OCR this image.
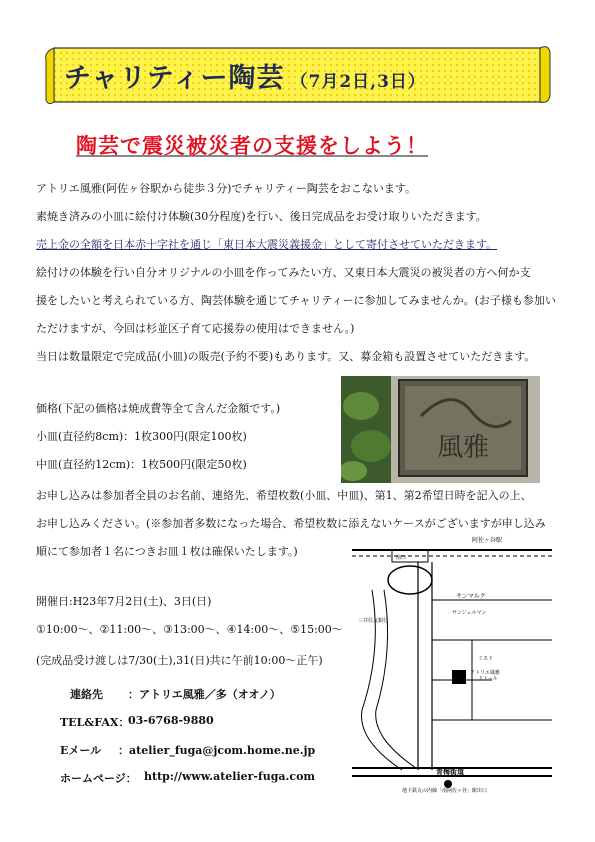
チャリティー陶芸 （7月2日,3日）
陶芸で震災被災者の支援をしよう！
アトリエ風雅(阿佐ヶ谷駅から徒歩３分)でチャリティー陶芸をおこないます。
素焼き済みの小皿に絵付け体験(30分程度)を行い、後日完成品をお受け取りいただきます。
売上金の全額を日本赤十字社を通じ「東日本大震災義援金」として寄付させていただきます。
絵付けの体験を行い自分オリジナルの小皿を作ってみたい方、又東日本大震災の被災者の方へ何か支
援をしたいと考えられている方、陶芸体験を通じてチャリティーに参加してみませんか。(お子様も参加い
ただけますが、今回は杉並区子育て応援券の使用はできません。)
当日は数量限定で完成品(小皿)の販売(予約不要)もあります。又、募金箱も設置させていただきます。
風雅
価格(下記の価格は焼成費等全て含んだ金額です。)
小皿(直径約8cm)：1枚300円(限定100枚)
中皿(直径約12cm)：1枚500円(限定50枚)
お申し込みは参加者全員のお名前、連絡先、希望枚数(小皿、中皿)、第1、第2希望日時を記入の上、
お申し込みください。(※参加者多数になった場合、希望枚数に添えないケースがございますが申し込み
順にて参加者１名につきお皿１枚は確保いたします。)
開催日:H23年7月2日(土)、3日(日)
①10:00～、②11:00～、③13:00～、④14:00～、⑤15:00～
(完成品受け渡しは7/30(土),31(日)共に午前10:00～正午)
連絡先 ：アトリエ風雅／多（オオノ）
TEL&FAX：
03-6768-9880
Eメール ：atelier_fuga@jcom.home.ne.jp
ホームページ： http://www.atelier-fuga.com
阿佐ヶ谷駅
南口
サンマルク
サンジェルマン
三井住友銀行
ドトール
ミスド
アトリエ風雅
青梅街道
地下鉄丸の内線「南阿佐ヶ谷」駅出口
